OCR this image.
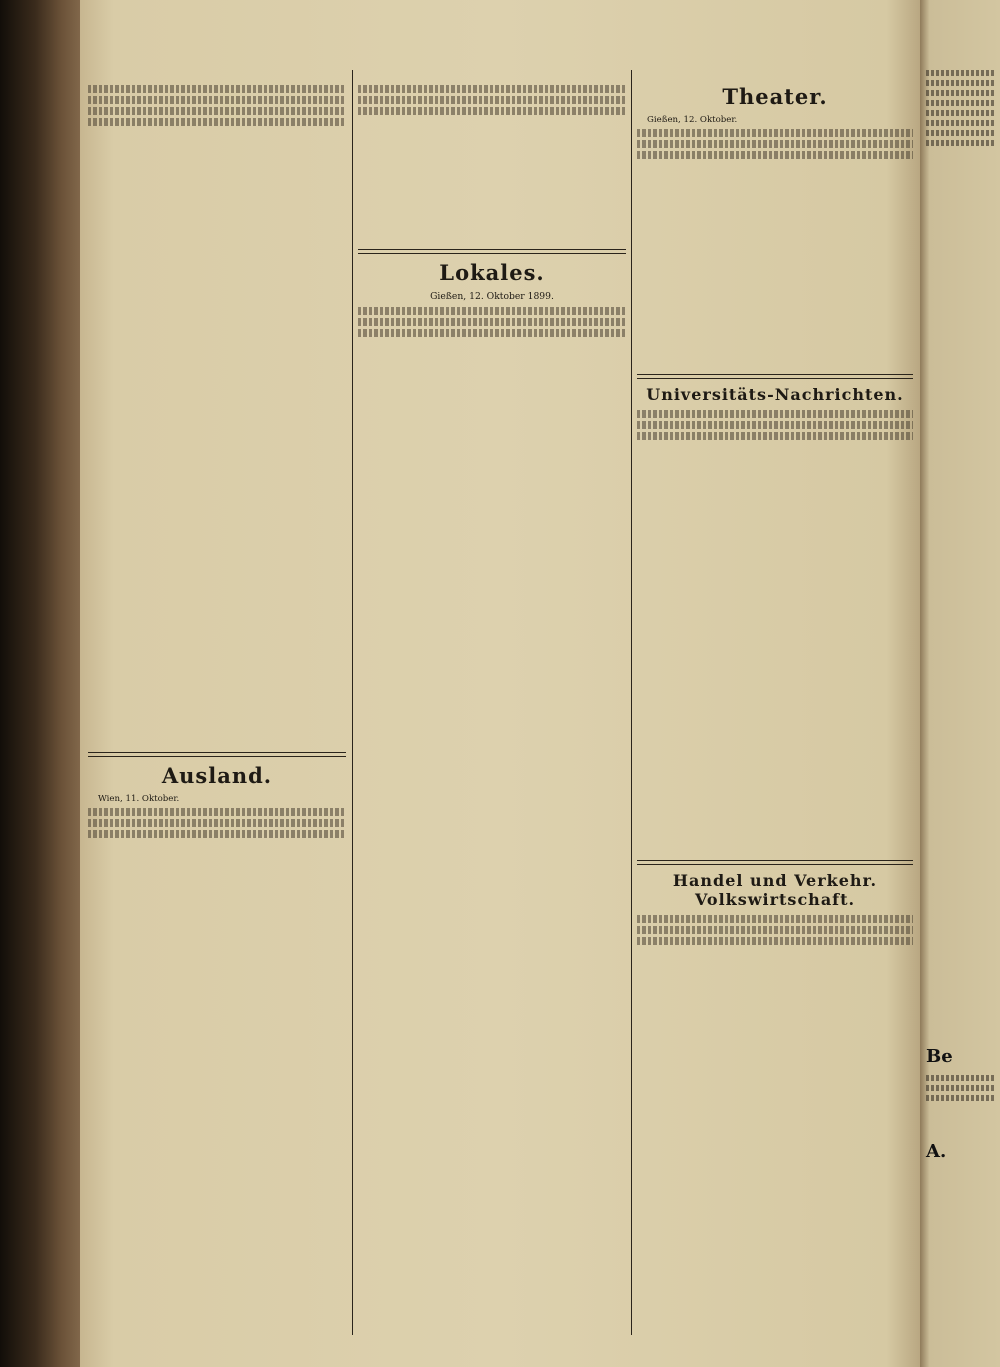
Ausland.

Wien, 11. Oktober.

Lokales.
Gießen, 12. Oktober 1899.
Theater.

Gießen, 12. Oktober.

Universitäts-Nachrichten.
Handel und Verkehr. Volkswirtschaft.
Be
A.
